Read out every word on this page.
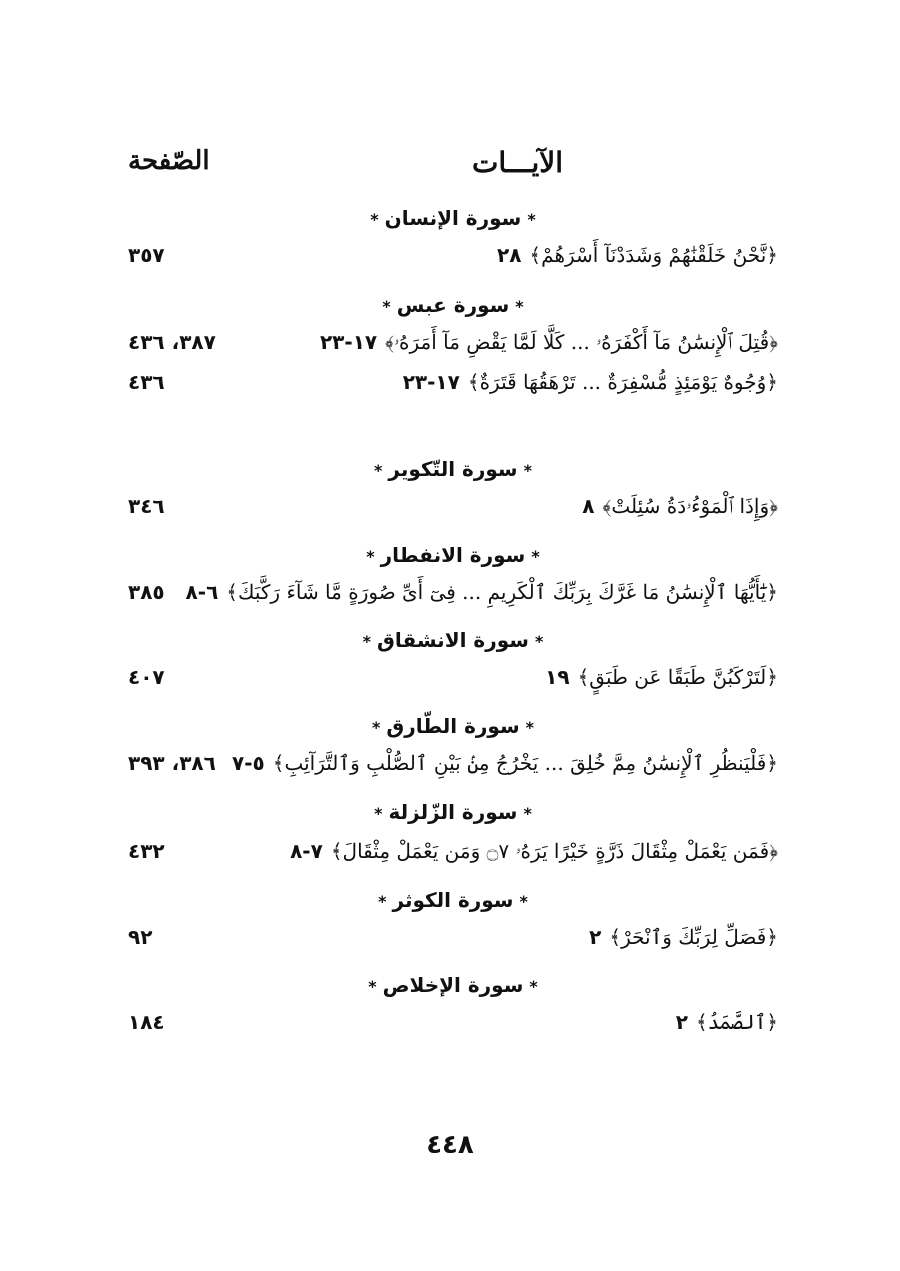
الآيـــات
الصّفحة
*سورة الإنسان*
﴿نَّحْنُ خَلَقْنَٰهُمْ وَشَدَدْنَآ أَسْرَهُمْ﴾٢٨
٣٥٧
*سورة عبس*
﴿قُتِلَ ٱلْإِنسَٰنُ مَآ أَكْفَرَهُۥ ... كَلَّا لَمَّا يَقْضِ مَآ أَمَرَهُۥ﴾١٧-٢٣
٣٨٧، ٤٣٦
﴿وُجُوهٌ يَوْمَئِذٍ مُّسْفِرَةٌ ... تَرْهَقُهَا قَتَرَةٌ﴾١٧-٢٣
٤٣٦
*سورة التّكوير*
﴿وَإِذَا ٱلْمَوْءُۥدَةُ سُئِلَتْ﴾٨
٣٤٦
*سورة الانفطار*
﴿يَٰٓأَيُّهَا ٱلْإِنسَٰنُ مَا غَرَّكَ بِرَبِّكَ ٱلْكَرِيمِ ... فِىٓ أَىِّ صُورَةٍ مَّا شَآءَ رَكَّبَكَ﴾٦-٨
٣٨٥
*سورة الانشقاق*
﴿لَتَرْكَبُنَّ طَبَقًا عَن طَبَقٍ﴾١٩
٤٠٧
*سورة الطّارق*
﴿فَلْيَنظُرِ ٱلْإِنسَٰنُ مِمَّ خُلِقَ ... يَخْرُجُ مِنۢ بَيْنِ ٱلصُّلْبِ وَٱلتَّرَآئِبِ﴾٥-٧
٣٨٦، ٣٩٣
*سورة الزّلزلة*
﴿فَمَن يَعْمَلْ مِثْقَالَ ذَرَّةٍ خَيْرًا يَرَهُۥ ۝٧ وَمَن يَعْمَلْ مِثْقَالَ﴾٧-٨
٤٣٢
*سورة الكوثر*
﴿فَصَلِّ لِرَبِّكَ وَٱنْحَرْ﴾٢
٩٢
*سورة الإخلاص*
﴿ٱلصَّمَدُ﴾٢
١٨٤
٤٤٨
